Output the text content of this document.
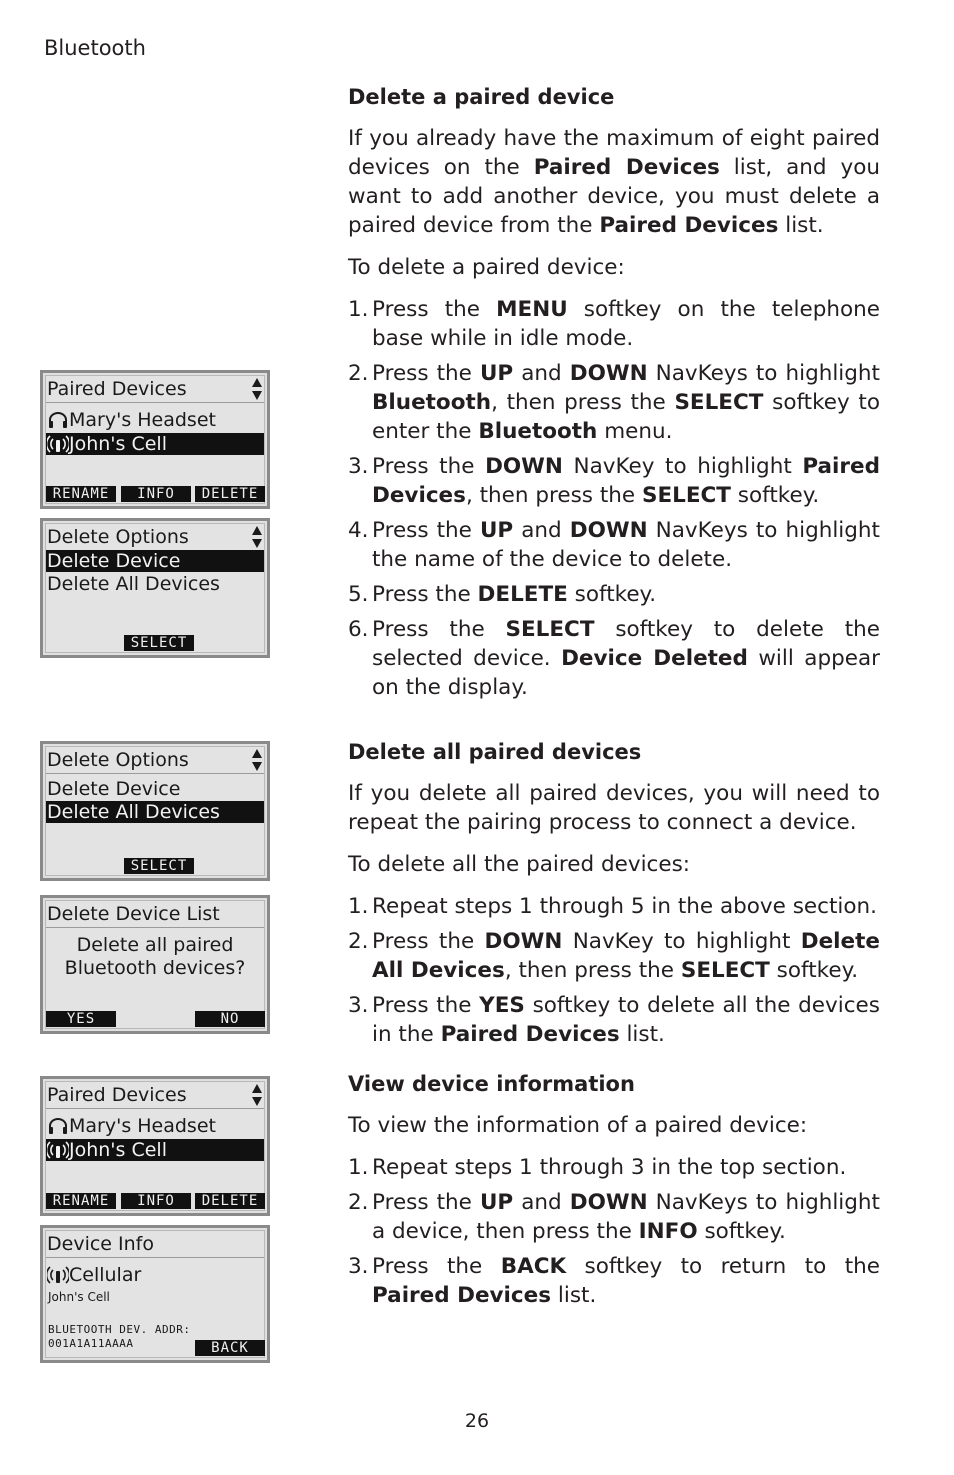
Bluetooth
Delete a paired device

If you already have the maximum of eight paired devices on the Paired Devices list, and you want to add another device, you must delete a paired device from the Paired Devices list.

To delete a paired device:

1. Press the MENU softkey on the telephone base while in idle mode.
2. Press the UP and DOWN NavKeys to highlight Bluetooth, then press the SELECT softkey to enter the Bluetooth menu.
3. Press the DOWN NavKey to highlight Paired Devices, then press the SELECT softkey.
4. Press the UP and DOWN NavKeys to highlight the name of the device to delete.
5. Press the DELETE softkey.
6. Press the SELECT softkey to delete the selected device. Device Deleted will appear on the display.
Delete all paired devices

If you delete all paired devices, you will need to repeat the pairing process to connect a device.

To delete all the paired devices:

1. Repeat steps 1 through 5 in the above section.
2. Press the DOWN NavKey to highlight Delete All Devices, then press the SELECT softkey.
3. Press the YES softkey to delete all the devices in the Paired Devices list.
View device information

To view the information of a paired device:

1. Repeat steps 1 through 3 in the top section.
2. Press the UP and DOWN NavKeys to highlight a device, then press the INFO softkey.
3. Press the BACK softkey to return to the Paired Devices list.
Paired Devices
Mary's Headset
John's Cell
RENAME	INFO	DELETE
Delete Options
Delete Device
Delete All Devices
SELECT
Delete Options
Delete Device
Delete All Devices
SELECT
Delete Device List
Delete all paired
Bluetooth devices?
YES	NO
Paired Devices
Mary's Headset
John's Cell
RENAME	INFO	DELETE
Device Info
Cellular
John's Cell
BLUETOOTH DEV. ADDR:
001A1A11AAAA	BACK
26
